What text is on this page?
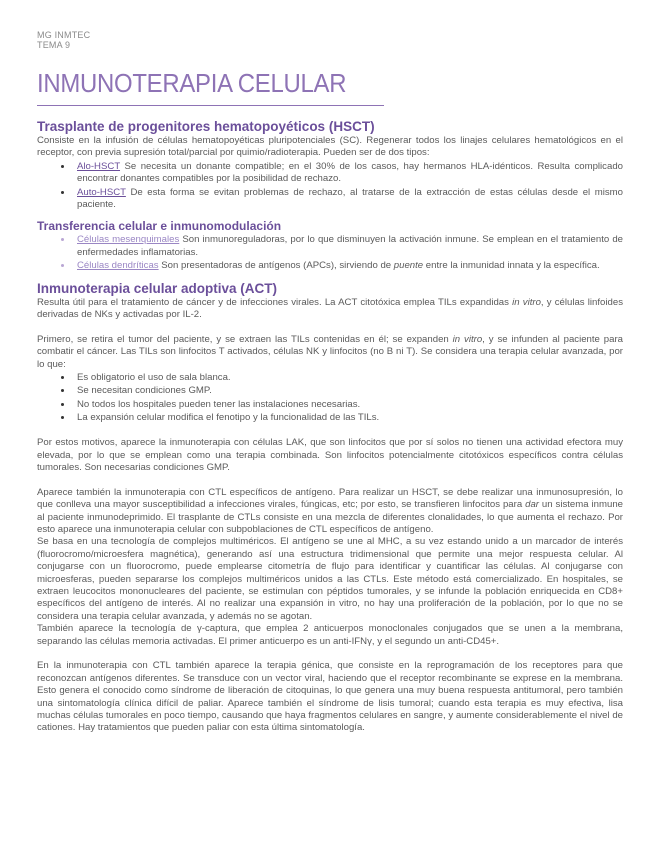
MG INMTEC
TEMA 9
INMUNOTERAPIA CELULAR
Trasplante de progenitores hematopoyéticos (HSCT)

Consiste en la infusión de células hematopoyéticas pluripotenciales (SC). Regenerar todos los linajes celulares hematológicos en el receptor, con previa supresión total/parcial por quimio/radioterapia. Pueden ser de dos tipos:

• Alo-HSCT Se necesita un donante compatible; en el 30% de los casos, hay hermanos HLA-idénticos. Resulta complicado encontrar donantes compatibles por la posibilidad de rechazo.
• Auto-HSCT De esta forma se evitan problemas de rechazo, al tratarse de la extracción de estas células desde el mismo paciente.
Transferencia celular e inmunomodulación
• Células mesenquimales Son inmunoreguladoras, por lo que disminuyen la activación inmune. Se emplean en el tratamiento de enfermedades inflamatorias.
• Células dendríticas Son presentadoras de antígenos (APCs), sirviendo de puente entre la inmunidad innata y la específica.
Inmunoterapia celular adoptiva (ACT)

Resulta útil para el tratamiento de cáncer y de infecciones virales. La ACT citotóxica emplea TILs expandidas in vitro, y células linfoides derivadas de NKs y activadas por IL-2.

Primero, se retira el tumor del paciente, y se extraen las TILs contenidas en él; se expanden in vitro, y se infunden al paciente para combatir el cáncer. Las TILs son linfocitos T activados, células NK y linfocitos (no B ni T). Se considera una terapia celular avanzada, por lo que:

• Es obligatorio el uso de sala blanca.
• Se necesitan condiciones GMP.
• No todos los hospitales pueden tener las instalaciones necesarias.
• La expansión celular modifica el fenotipo y la funcionalidad de las TILs.

Por estos motivos, aparece la inmunoterapia con células LAK, que son linfocitos que por sí solos no tienen una actividad efectora muy elevada, por lo que se emplean como una terapia combinada. Son linfocitos potencialmente citotóxicos específicos contra células tumorales. Son necesarias condiciones GMP.

Aparece también la inmunoterapia con CTL específicos de antígeno. Para realizar un HSCT, se debe realizar una inmunosupresión, lo que conlleva una mayor susceptibilidad a infecciones virales, fúngicas, etc; por esto, se transfieren linfocitos para dar un sistema inmune al paciente inmunodeprimido. El trasplante de CTLs consiste en una mezcla de diferentes clonalidades, lo que aumenta el rechazo. Por esto aparece una inmunoterapia celular con subpoblaciones de CTL específicos de antígeno.

Se basa en una tecnología de complejos multiméricos. El antígeno se une al MHC, a su vez estando unido a un marcador de interés (fluorocromo/microesfera magnética), generando así una estructura tridimensional que permite una mejor respuesta celular. Al conjugarse con un fluorocromo, puede emplearse citometría de flujo para identificar y cuantificar las células. Al conjugarse con microesferas, pueden separarse los complejos multiméricos unidos a las CTLs. Este método está comercializado. En hospitales, se extraen leucocitos mononucleares del paciente, se estimulan con péptidos tumorales, y se infunde la población enriquecida en CD8+ específicos del antígeno de interés. Al no realizar una expansión in vitro, no hay una proliferación de la población, por lo que no se considera una terapia celular avanzada, y además no se agotan.

También aparece la tecnología de γ-captura, que emplea 2 anticuerpos monoclonales conjugados que se unen a la membrana, separando las células memoria activadas. El primer anticuerpo es un anti-IFNγ, y el segundo un anti-CD45+.

En la inmunoterapia con CTL también aparece la terapia génica, que consiste en la reprogramación de los receptores para que reconozcan antígenos diferentes. Se transduce con un vector viral, haciendo que el receptor recombinante se exprese en la membrana. Esto genera el conocido como síndrome de liberación de citoquinas, lo que genera una muy buena respuesta antitumoral, pero también una sintomatología clínica difícil de paliar. Aparece también el síndrome de lisis tumoral; cuando esta terapia es muy efectiva, lisa muchas células tumorales en poco tiempo, causando que haya fragmentos celulares en sangre, y aumente considerablemente el nivel de cationes. Hay tratamientos que pueden paliar con esta última sintomatología.
